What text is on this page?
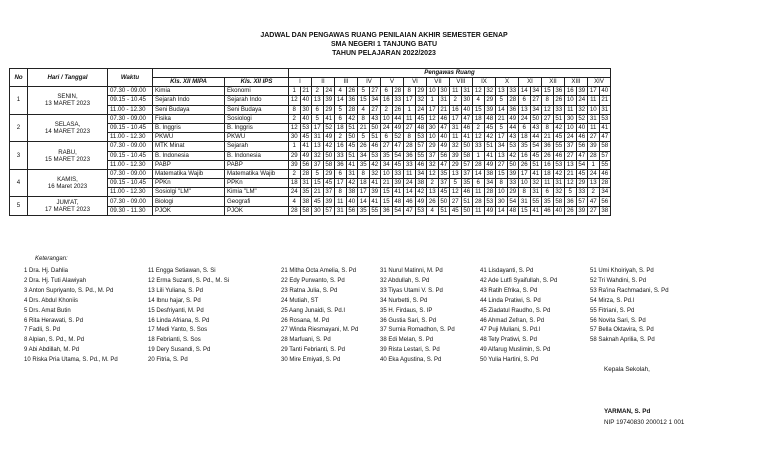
JADWAL DAN PENGAWAS RUANG PENILAIAN AKHIR SEMESTER GENAP
SMA NEGERI 1 TANJUNG BATU
TAHUN PELAJARAN 2022/2023
No	Hari / Tanggal	Waktu			Pengawas Ruang																											
			Kls. XII MIPA	Kls. XII IPS	I		II		III		IV		V		VI		VII		VIII		IX		X		XI		XII		XIII		XIV	

1	SENIN,
13 MARET 2023	07.30 - 09.00	Kimia	Ekonomi	1	21	2	24	4	26	5	27	6	28	8	29	10	30	11	31	12	32	13	33	14	34	15	36	16	39	17	40
		09.15 - 10.45	Sejarah Indo	Sejarah Indo	12	40	13	39	14	36	15	34	16	33	17	32	1	31	2	30	4	29	5	28	6	27	8	26	10	24	11	21
		11.00 - 12.30	Seni Budaya	Seni Budaya	8	30	6	29	5	28	4	27	2	26	1	24	17	21	16	40	15	39	14	36	13	34	12	33	11	32	10	31
2	SELASA,
14 MARET 2023	07.30 - 09.00	Fisika	Sosiologi	2	40	5	41	6	42	8	43	10	44	11	45	12	46	17	47	18	48	21	49	24	50	27	51	30	52	31	53
		09.15 - 10.45	B. Inggris	B. Inggris	12	53	17	52	18	51	21	50	24	49	27	48	30	47	31	46	2	45	5	44	6	43	8	42	10	40	11	41
		11.00 - 12.30	PKWU	PKWU	30	45	31	49	2	50	5	51	6	52	8	53	10	40	11	41	12	42	17	43	18	44	21	45	24	46	27	47
3	RABU,
15 MARET 2023	07.30 - 09.00	MTK Minat	Sejarah	1	41	13	42	16	45	26	46	27	47	28	57	29	49	32	50	33	51	34	53	35	54	36	55	37	56	39	58
		09.15 - 10.45	B. Indonesia	B. Indonesia	29	49	32	50	33	51	34	53	35	54	36	55	37	56	39	58	1	41	13	42	16	45	26	46	27	47	28	57
		11.00 - 12.30	PABP	PABP	39	56	37	58	36	41	35	42	34	45	33	46	32	47	29	57	28	49	27	50	26	51	16	53	13	54	1	55
4	KAMIS,
16 Maret 2023	07.30 - 09.00	Matematika Wajib	Matematika Wajib	2	28	5	29	6	31	8	32	10	33	11	34	12	35	13	37	14	38	15	39	17	41	18	42	21	45	24	46
		09.15 - 10.45	PPKn	PPKn	18	31	15	45	17	42	18	41	21	39	24	38	2	37	5	35	6	34	8	33	10	32	11	31	12	29	13	28
		11.00 - 12.30	Sosiolgi "LM"	Kimia "LM"	24	35	21	37	8	38	17	39	15	41	14	42	13	45	12	46	11	28	10	29	8	31	6	32	5	33	2	34
5	JUM'AT,
17 MARET 2023	07.30 - 09.00	Biologi	Geografi	4	38	45	39	11	40	14	41	15	48	46	49	26	50	27	51	28	53	30	54	31	55	35	58	36	57	47	56
		09.30 - 11.30	PJOK	PJOK	28	58	30	57	31	56	35	55	36	54	47	53	4	51	45	50	11	49	14	48	15	41	46	40	26	39	27	38
Keterangan:
1 Dra. Hj. Dahlia
2 Dra. Hj. Tuti Alawiyah
3 Anton Supriyanto, S. Pd., M. Pd
4 Drs. Abdul Khoniis
5 Drs. Amat Butin
6 Rita Herawati, S. Pd
7 Fadli, S. Pd
8 Alpian, S. Pd., M. Pd
9 Abi Abdillah, M. Pd
10 Riska Pria Utama, S. Pd., M. Pd
11 Engga Setiawan, S. Si
12 Erma Suzanti, S. Pd., M. Si
13 Lili Yuliana, S. Pd
14 Ibnu hajar, S. Pd
15 Desfriyanti, M. Pd
16 Linda Afriana, S. Pd
17 Medi Yanto, S. Sos
18 Febrianti, S. Sos
19 Dery Susandi, S. Pd
20 Fitria, S. Pd
21 Mitha Octa Amelia, S. Pd
22 Edy Purwanto, S. Pd
23 Ratna Julia, S. Pd
24 Mutiah, ST
25 Aang Junaidi, S. Pd.I
26 Rosana, M. Pd
27 Winda Riesmayani, M. Pd
28 Marfuani, S. Pd
29 Tanti Febrianti, S. Pd
30 Mire Emiyati, S. Pd
31 Nurul Matinni, M. Pd
32 Abdullah, S. Pd
33 Tiyas Utami V. S. Pd
34 Nurbetti, S. Pd
35 H. Firdaus, S. IP
36 Gustia Sari, S. Pd
37 Surnia Romadhon, S. Pd
38 Edi Melan, S. Pd
39 Rista Lestari, S. Pd
40 Eka Agustina, S. Pd
41 Lisdayanti, S. Pd
42 Ade Lutfi Syaifullah, S. Pd
43 Ratih Efrika, S. Pd
44 Linda Pratiwi, S. Pd
45 Ziadatul Raudho, S. Pd
46 Ahmad Zefran, S. Pd
47 Puji Muliani, S. Pd.I
48 Tety Pratiwi, S. Pd
49 Alfarug Muslimin, S. Pd
50 Yulia Hartini, S. Pd
51 Umi Khoiriyah, S. Pd
52 Tri Wahdini, S. Pd
53 Ra'ina Rachmadani, S. Pd
54 Mirza, S. Pd.I
55 Fitriani, S. Pd
56 Novita Sari, S. Pd
57 Bella Oktavira, S. Pd
58 Saknah Aprilia, S. Pd
Kepala Sekolah,
YARMAN, S. Pd
NIP 19740830 200012 1 001
